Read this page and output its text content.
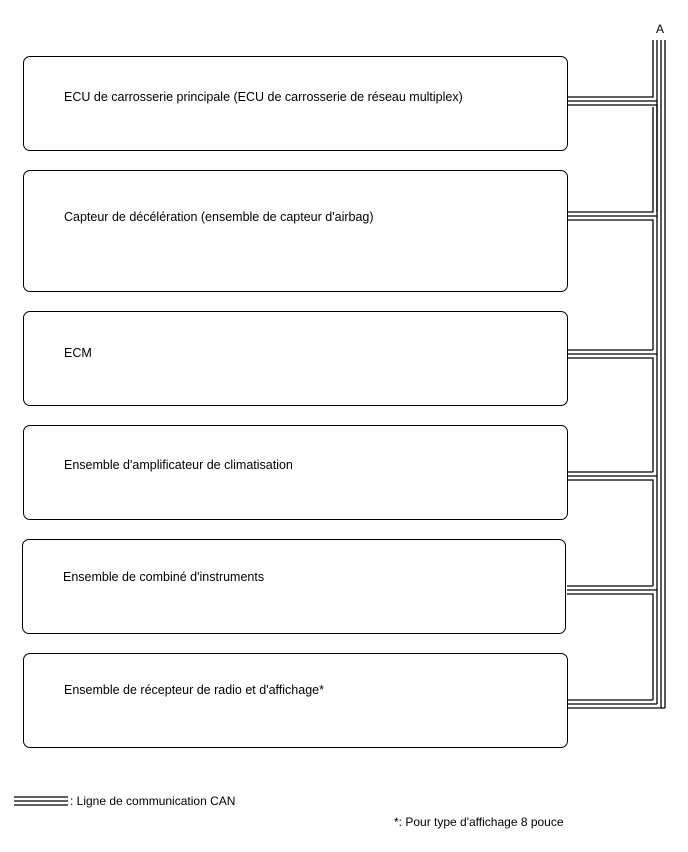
A
ECU de carrosserie principale (ECU de carrosserie de réseau multiplex)
Capteur de décélération (ensemble de capteur d'airbag)
ECM
Ensemble d'amplificateur de climatisation
Ensemble de combiné d'instruments
Ensemble de récepteur de radio et d'affichage*
: Ligne de communication CAN
*: Pour type d'affichage 8 pouce
